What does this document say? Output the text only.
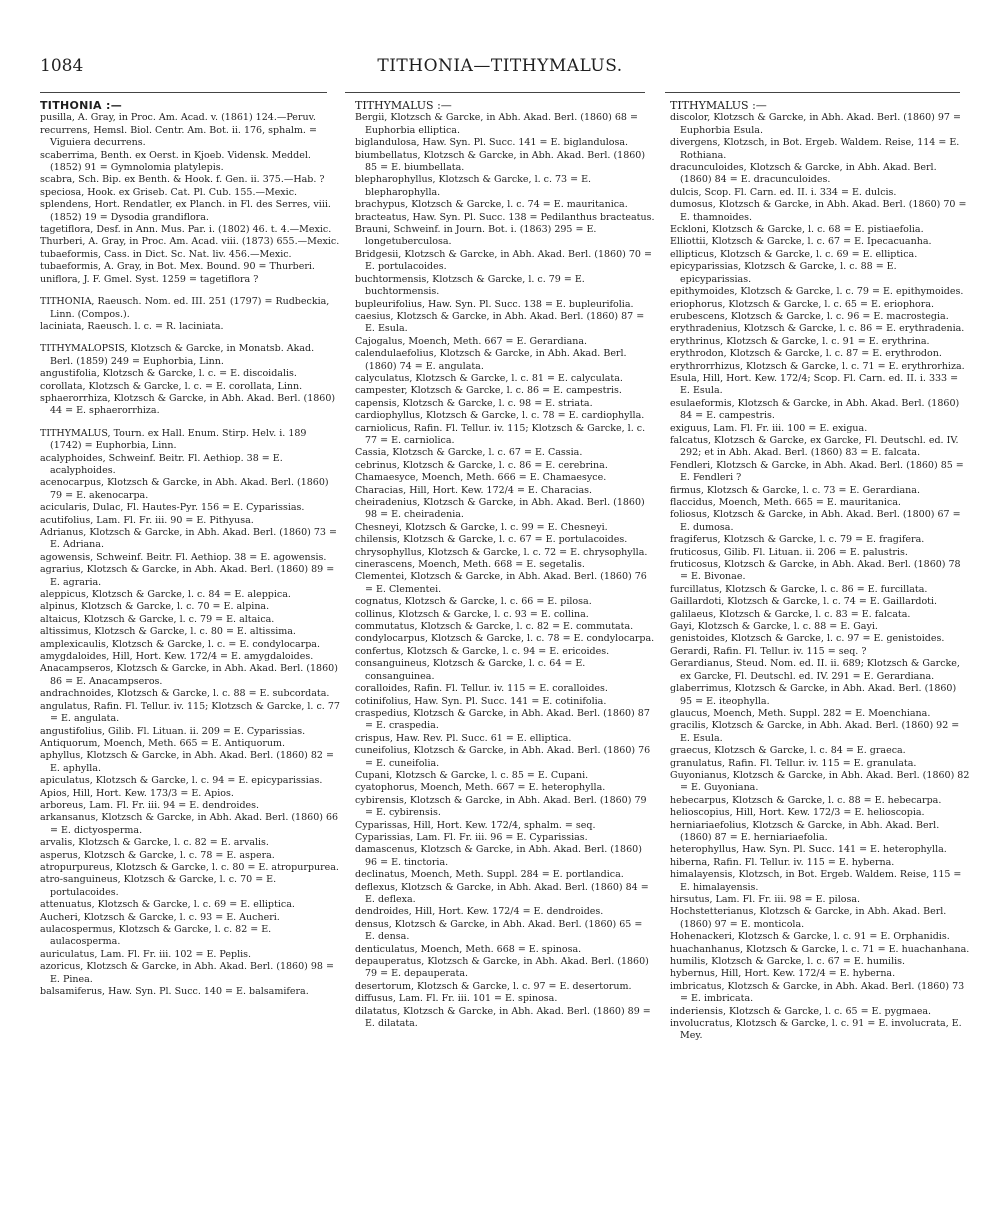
1084	TITHONIA—TITHYMALUS.

TITHONIA :—

pusilla, A. Gray, in Proc. Am. Acad. v. (1861) 124.—Peruv.

recurrens, Hemsl. Biol. Centr. Am. Bot. ii. 176, sphalm. = Viguiera decurrens.

scaberrima, Benth. ex Oerst. in Kjoeb. Vidensk. Meddel. (1852) 91 = Gymnolomia platylepis.

scabra, Sch. Bip. ex Benth. & Hook. f. Gen. ii. 375.—Hab. ?

speciosa, Hook. ex Griseb. Cat. Pl. Cub. 155.—Mexic.

splendens, Hort. Rendatler, ex Planch. in Fl. des Serres, viii. (1852) 19 = Dysodia grandiflora.

tagetiflora, Desf. in Ann. Mus. Par. i. (1802) 46. t. 4.—Mexic.

Thurberi, A. Gray, in Proc. Am. Acad. viii. (1873) 655.—Mexic.

tubaeformis, Cass. in Dict. Sc. Nat. liv. 456.—Mexic.

tubaeformis, A. Gray, in Bot. Mex. Bound. 90 = Thurberi.

uniflora, J. F. Gmel. Syst. 1259 = tagetiflora ?

TITHONIA, Raeusch. Nom. ed. III. 251 (1797) = Rudbeckia, Linn. (Compos.).

laciniata, Raeusch. l. c. = R. laciniata.

TITHYMALOPSIS, Klotzsch & Garcke, in Monatsb. Akad. Berl. (1859) 249 = Euphorbia, Linn.

angustifolia, Klotzsch & Garcke, l. c. = E. discoidalis.

corollata, Klotzsch & Garcke, l. c. = E. corollata, Linn.

sphaerorrhiza, Klotzsch & Garcke, in Abh. Akad. Berl. (1860) 44 = E. sphaerorrhiza.

TITHYMALUS, Tourn. ex Hall. Enum. Stirp. Helv. i. 189 (1742) = Euphorbia, Linn.

acalyphoides, Schweinf. Beitr. Fl. Aethiop. 38 = E. acalyphoides.

acenocarpus, Klotzsch & Garcke, in Abh. Akad. Berl. (1860) 79 = E. akenocarpa.

acicularis, Dulac, Fl. Hautes-Pyr. 156 = E. Cyparissias.

acutifolius, Lam. Fl. Fr. iii. 90 = E. Pithyusa.

Adrianus, Klotzsch & Garcke, in Abh. Akad. Berl. (1860) 73 = E. Adriana.

agowensis, Schweinf. Beitr. Fl. Aethiop. 38 = E. agowensis.

agrarius, Klotzsch & Garcke, in Abh. Akad. Berl. (1860) 89 = E. agraria.

aleppicus, Klotzsch & Garcke, l. c. 84 = E. aleppica.

alpinus, Klotzsch & Garcke, l. c. 70 = E. alpina.

altaicus, Klotzsch & Garcke, l. c. 79 = E. altaica.

altissimus, Klotzsch & Garcke, l. c. 80 = E. altissima.

amplexicaulis, Klotzsch & Garcke, l. c. = E. condylocarpa.

amygdaloides, Hill, Hort. Kew. 172/4 = E. amygdaloides.

Anacampseros, Klotzsch & Garcke, in Abh. Akad. Berl. (1860) 86 = E. Anacampseros.

andrachnoides, Klotzsch & Garcke, l. c. 88 = E. subcordata.

angulatus, Rafin. Fl. Tellur. iv. 115; Klotzsch & Garcke, l. c. 77 = E. angulata.

angustifolius, Gilib. Fl. Lituan. ii. 209 = E. Cyparissias.

Antiquorum, Moench, Meth. 665 = E. Antiquorum.

aphyllus, Klotzsch & Garcke, in Abh. Akad. Berl. (1860) 82 = E. aphylla.

apiculatus, Klotzsch & Garcke, l. c. 94 = E. epicyparissias.

Apios, Hill, Hort. Kew. 173/3 = E. Apios.

arboreus, Lam. Fl. Fr. iii. 94 = E. dendroides.

arkansanus, Klotzsch & Garcke, in Abh. Akad. Berl. (1860) 66 = E. dictyosperma.

arvalis, Klotzsch & Garcke, l. c. 82 = E. arvalis.

asperus, Klotzsch & Garcke, l. c. 78 = E. aspera.

atropurpureus, Klotzsch & Garcke, l. c. 80 = E. atropurpurea.

atro-sanguineus, Klotzsch & Garcke, l. c. 70 = E. portulacoides.

attenuatus, Klotzsch & Garcke, l. c. 69 = E. elliptica.

Aucheri, Klotzsch & Garcke, l. c. 93 = E. Aucheri.

aulacospermus, Klotzsch & Garcke, l. c. 82 = E. aulacosperma.

auriculatus, Lam. Fl. Fr. iii. 102 = E. Peplis.

azoricus, Klotzsch & Garcke, in Abh. Akad. Berl. (1860) 98 = E. Pinea.

balsamiferus, Haw. Syn. Pl. Succ. 140 = E. balsamifera.

TITHYMALUS :—

Bergii, Klotzsch & Garcke, in Abh. Akad. Berl. (1860) 68 = Euphorbia elliptica.

biglandulosa, Haw. Syn. Pl. Succ. 141 = E. biglandulosa.

biumbellatus, Klotzsch & Garcke, in Abh. Akad. Berl. (1860) 85 = E. biumbellata.

blepharophyllus, Klotzsch & Garcke, l. c. 73 = E. blepharophylla.

brachypus, Klotzsch & Garcke, l. c. 74 = E. mauritanica.

bracteatus, Haw. Syn. Pl. Succ. 138 = Pedilanthus bracteatus.

Brauni, Schweinf. in Journ. Bot. i. (1863) 295 = E. longetuberculosa.

Bridgesii, Klotzsch & Garcke, in Abh. Akad. Berl. (1860) 70 = E. portulacoides.

buchtormensis, Klotzsch & Garcke, l. c. 79 = E. buchtormensis.

bupleurifolius, Haw. Syn. Pl. Succ. 138 = E. bupleurifolia.

caesius, Klotzsch & Garcke, in Abh. Akad. Berl. (1860) 87 = E. Esula.

Cajogalus, Moench, Meth. 667 = E. Gerardiana.

calendulaefolius, Klotzsch & Garcke, in Abh. Akad. Berl. (1860) 74 = E. angulata.

calyculatus, Klotzsch & Garcke, l. c. 81 = E. calyculata.

campester, Klotzsch & Garcke, l. c. 86 = E. campestris.

capensis, Klotzsch & Garcke, l. c. 98 = E. striata.

cardiophyllus, Klotzsch & Garcke, l. c. 78 = E. cardiophylla.

carniolicus, Rafin. Fl. Tellur. iv. 115; Klotzsch & Garcke, l. c. 77 = E. carniolica.

Cassia, Klotzsch & Garcke, l. c. 67 = E. Cassia.

cebrinus, Klotzsch & Garcke, l. c. 86 = E. cerebrina.

Chamaesyce, Moench, Meth. 666 = E. Chamaesyce.

Characias, Hill, Hort. Kew. 172/4 = E. Characias.

cheiradenius, Klotzsch & Garcke, in Abh. Akad. Berl. (1860) 98 = E. cheiradenia.

Chesneyi, Klotzsch & Garcke, l. c. 99 = E. Chesneyi.

chilensis, Klotzsch & Garcke, l. c. 67 = E. portulacoides.

chrysophyllus, Klotzsch & Garcke, l. c. 72 = E. chrysophylla.

cinerascens, Moench, Meth. 668 = E. segetalis.

Clementei, Klotzsch & Garcke, in Abh. Akad. Berl. (1860) 76 = E. Clementei.

cognatus, Klotzsch & Garcke, l. c. 66 = E. pilosa.

collinus, Klotzsch & Garcke, l. c. 93 = E. collina.

commutatus, Klotzsch & Garcke, l. c. 82 = E. commutata.

condylocarpus, Klotzsch & Garcke, l. c. 78 = E. condylocarpa.

confertus, Klotzsch & Garcke, l. c. 94 = E. ericoides.

consanguineus, Klotzsch & Garcke, l. c. 64 = E. consanguinea.

coralloides, Rafin. Fl. Tellur. iv. 115 = E. coralloides.

cotinifolius, Haw. Syn. Pl. Succ. 141 = E. cotinifolia.

craspedius, Klotzsch & Garcke, in Abh. Akad. Berl. (1860) 87 = E. craspedia.

crispus, Haw. Rev. Pl. Succ. 61 = E. elliptica.

cuneifolius, Klotzsch & Garcke, in Abh. Akad. Berl. (1860) 76 = E. cuneifolia.

Cupani, Klotzsch & Garcke, l. c. 85 = E. Cupani.

cyatophorus, Moench, Meth. 667 = E. heterophylla.

cybirensis, Klotzsch & Garcke, in Abh. Akad. Berl. (1860) 79 = E. cybirensis.

Cyparissas, Hill, Hort. Kew. 172/4, sphalm. = seq.

Cyparissias, Lam. Fl. Fr. iii. 96 = E. Cyparissias.

damascenus, Klotzsch & Garcke, in Abh. Akad. Berl. (1860) 96 = E. tinctoria.

declinatus, Moench, Meth. Suppl. 284 = E. portlandica.

deflexus, Klotzsch & Garcke, in Abh. Akad. Berl. (1860) 84 = E. deflexa.

dendroides, Hill, Hort. Kew. 172/4 = E. dendroides.

densus, Klotzsch & Garcke, in Abh. Akad. Berl. (1860) 65 = E. densa.

denticulatus, Moench, Meth. 668 = E. spinosa.

depauperatus, Klotzsch & Garcke, in Abh. Akad. Berl. (1860) 79 = E. depauperata.

desertorum, Klotzsch & Garcke, l. c. 97 = E. desertorum.

diffusus, Lam. Fl. Fr. iii. 101 = E. spinosa.

dilatatus, Klotzsch & Garcke, in Abh. Akad. Berl. (1860) 89 = E. dilatata.

TITHYMALUS :—

discolor, Klotzsch & Garcke, in Abh. Akad. Berl. (1860) 97 = Euphorbia Esula.

divergens, Klotzsch, in Bot. Ergeb. Waldem. Reise, 114 = E. Rothiana.

dracunculoides, Klotzsch & Garcke, in Abh. Akad. Berl. (1860) 84 = E. dracunculoides.

dulcis, Scop. Fl. Carn. ed. II. i. 334 = E. dulcis.

dumosus, Klotzsch & Garcke, in Abh. Akad. Berl. (1860) 70 = E. thamnoides.

Eckloni, Klotzsch & Garcke, l. c. 68 = E. pistiaefolia.

Elliottii, Klotzsch & Garcke, l. c. 67 = E. Ipecacuanha.

ellipticus, Klotzsch & Garcke, l. c. 69 = E. elliptica.

epicyparissias, Klotzsch & Garcke, l. c. 88 = E. epicyparissias.

epithymoides, Klotzsch & Garcke, l. c. 79 = E. epithymoides.

eriophorus, Klotzsch & Garcke, l. c. 65 = E. eriophora.

erubescens, Klotzsch & Garcke, l. c. 96 = E. macrostegia.

erythradenius, Klotzsch & Garcke, l. c. 86 = E. erythradenia.

erythrinus, Klotzsch & Garcke, l. c. 91 = E. erythrina.

erythrodon, Klotzsch & Garcke, l. c. 87 = E. erythrodon.

erythrorrhizus, Klotzsch & Garcke, l. c. 71 = E. erythrorhiza.

Esula, Hill, Hort. Kew. 172/4; Scop. Fl. Carn. ed. II. i. 333 = E. Esula.

esulaeformis, Klotzsch & Garcke, in Abh. Akad. Berl. (1860) 84 = E. campestris.

exiguus, Lam. Fl. Fr. iii. 100 = E. exigua.

falcatus, Klotzsch & Garcke, ex Garcke, Fl. Deutschl. ed. IV. 292; et in Abh. Akad. Berl. (1860) 83 = E. falcata.

Fendleri, Klotzsch & Garcke, in Abh. Akad. Berl. (1860) 85 = E. Fendleri ?

firmus, Klotzsch & Garcke, l. c. 73 = E. Gerardiana.

flaccidus, Moench, Meth. 665 = E. mauritanica.

foliosus, Klotzsch & Garcke, in Abh. Akad. Berl. (1800) 67 = E. dumosa.

fragiferus, Klotzsch & Garcke, l. c. 79 = E. fragifera.

fruticosus, Gilib. Fl. Lituan. ii. 206 = E. palustris.

fruticosus, Klotzsch & Garcke, in Abh. Akad. Berl. (1860) 78 = E. Bivonae.

furcillatus, Klotzsch & Garcke, l. c. 86 = E. furcillata.

Gaillardoti, Klotzsch & Garcke, l. c. 74 = E. Gaillardoti.

galilaeus, Klotzsch & Garcke, l. c. 83 = E. falcata.

Gayi, Klotzsch & Garcke, l. c. 88 = E. Gayi.

genistoides, Klotzsch & Garcke, l. c. 97 = E. genistoides.

Gerardi, Rafin. Fl. Tellur. iv. 115 = seq. ?

Gerardianus, Steud. Nom. ed. II. ii. 689; Klotzsch & Garcke, ex Garcke, Fl. Deutschl. ed. IV. 291 = E. Gerardiana.

glaberrimus, Klotzsch & Garcke, in Abh. Akad. Berl. (1860) 95 = E. iteophylla.

glaucus, Moench, Meth. Suppl. 282 = E. Moenchiana.

gracilis, Klotzsch & Garcke, in Abh. Akad. Berl. (1860) 92 = E. Esula.

graecus, Klotzsch & Garcke, l. c. 84 = E. graeca.

granulatus, Rafin. Fl. Tellur. iv. 115 = E. granulata.

Guyonianus, Klotzsch & Garcke, in Abh. Akad. Berl. (1860) 82 = E. Guyoniana.

hebecarpus, Klotzsch & Garcke, l. c. 88 = E. hebecarpa.

helioscopius, Hill, Hort. Kew. 172/3 = E. helioscopia.

herniariaefolius, Klotzsch & Garcke, in Abh. Akad. Berl. (1860) 87 = E. herniariaefolia.

heterophyllus, Haw. Syn. Pl. Succ. 141 = E. heterophylla.

hiberna, Rafin. Fl. Tellur. iv. 115 = E. hyberna.

himalayensis, Klotzsch, in Bot. Ergeb. Waldem. Reise, 115 = E. himalayensis.

hirsutus, Lam. Fl. Fr. iii. 98 = E. pilosa.

Hochstetterianus, Klotzsch & Garcke, in Abh. Akad. Berl. (1860) 97 = E. monticola.

Hohenackeri, Klotzsch & Garcke, l. c. 91 = E. Orphanidis.

huachanhanus, Klotzsch & Garcke, l. c. 71 = E. huachanhana.

humilis, Klotzsch & Garcke, l. c. 67 = E. humilis.

hybernus, Hill, Hort. Kew. 172/4 = E. hyberna.

imbricatus, Klotzsch & Garcke, in Abh. Akad. Berl. (1860) 73 = E. imbricata.

inderiensis, Klotzsch & Garcke, l. c. 65 = E. pygmaea.

involucratus, Klotzsch & Garcke, l. c. 91 = E. involucrata, E. Mey.
